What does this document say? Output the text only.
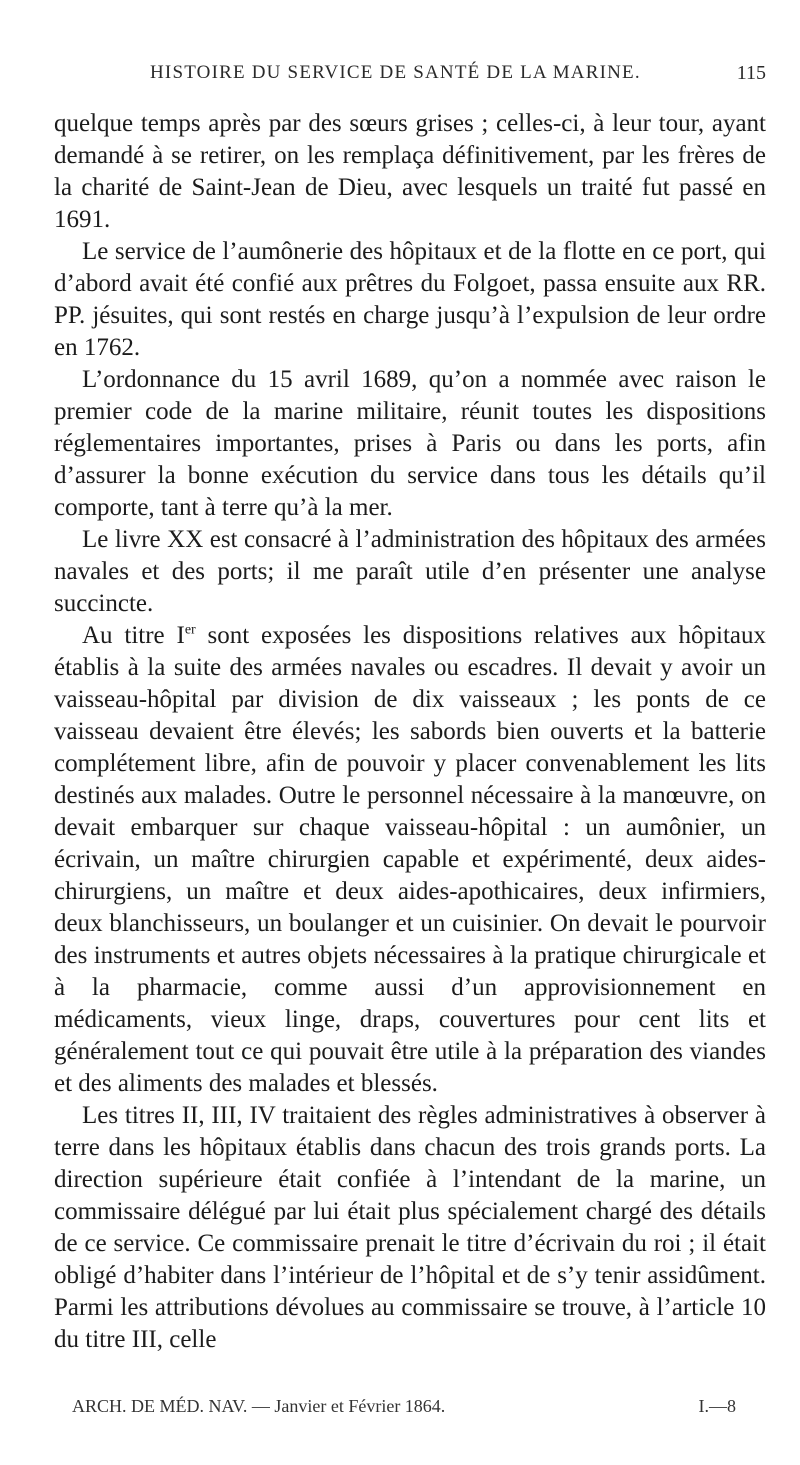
HISTOIRE DU SERVICE DE SANTÉ DE LA MARINE.	115

quelque temps après par des sœurs grises ; celles-ci, à leur tour, ayant demandé à se retirer, on les remplaça définitivement, par les frères de la charité de Saint-Jean de Dieu, avec lesquels un traité fut passé en 1691.

Le service de l’aumônerie des hôpitaux et de la flotte en ce port, qui d’abord avait été confié aux prêtres du Folgoet, passa ensuite aux RR. PP. jésuites, qui sont restés en charge jusqu’à l’expulsion de leur ordre en 1762.

L’ordonnance du 15 avril 1689, qu’on a nommée avec raison le premier code de la marine militaire, réunit toutes les dispositions réglementaires importantes, prises à Paris ou dans les ports, afin d’assurer la bonne exécution du service dans tous les détails qu’il comporte, tant à terre qu’à la mer.

Le livre XX est consacré à l’administration des hôpitaux des armées navales et des ports; il me paraît utile d’en présenter une analyse succincte.

Au titre Ier sont exposées les dispositions relatives aux hôpitaux établis à la suite des armées navales ou escadres. Il devait y avoir un vaisseau-hôpital par division de dix vaisseaux ; les ponts de ce vaisseau devaient être élevés; les sabords bien ouverts et la batterie complétement libre, afin de pouvoir y placer convenablement les lits destinés aux malades. Outre le personnel nécessaire à la manœuvre, on devait embarquer sur chaque vaisseau-hôpital : un aumônier, un écrivain, un maître chirurgien capable et expérimenté, deux aides-chirurgiens, un maître et deux aides-apothicaires, deux infirmiers, deux blanchisseurs, un boulanger et un cuisinier. On devait le pourvoir des instruments et autres objets nécessaires à la pratique chirurgicale et à la pharmacie, comme aussi d’un approvisionnement en médicaments, vieux linge, draps, couvertures pour cent lits et généralement tout ce qui pouvait être utile à la préparation des viandes et des aliments des malades et blessés.

Les titres II, III, IV traitaient des règles administratives à observer à terre dans les hôpitaux établis dans chacun des trois grands ports. La direction supérieure était confiée à l’intendant de la marine, un commissaire délégué par lui était plus spécialement chargé des détails de ce service. Ce commissaire prenait le titre d’écrivain du roi ; il était obligé d’habiter dans l’intérieur de l’hôpital et de s’y tenir assidûment. Parmi les attributions dévolues au commissaire se trouve, à l’article 10 du titre III, celle

ARCH. DE MÉD. NAV. — Janvier et Février 1864.	I.—8
